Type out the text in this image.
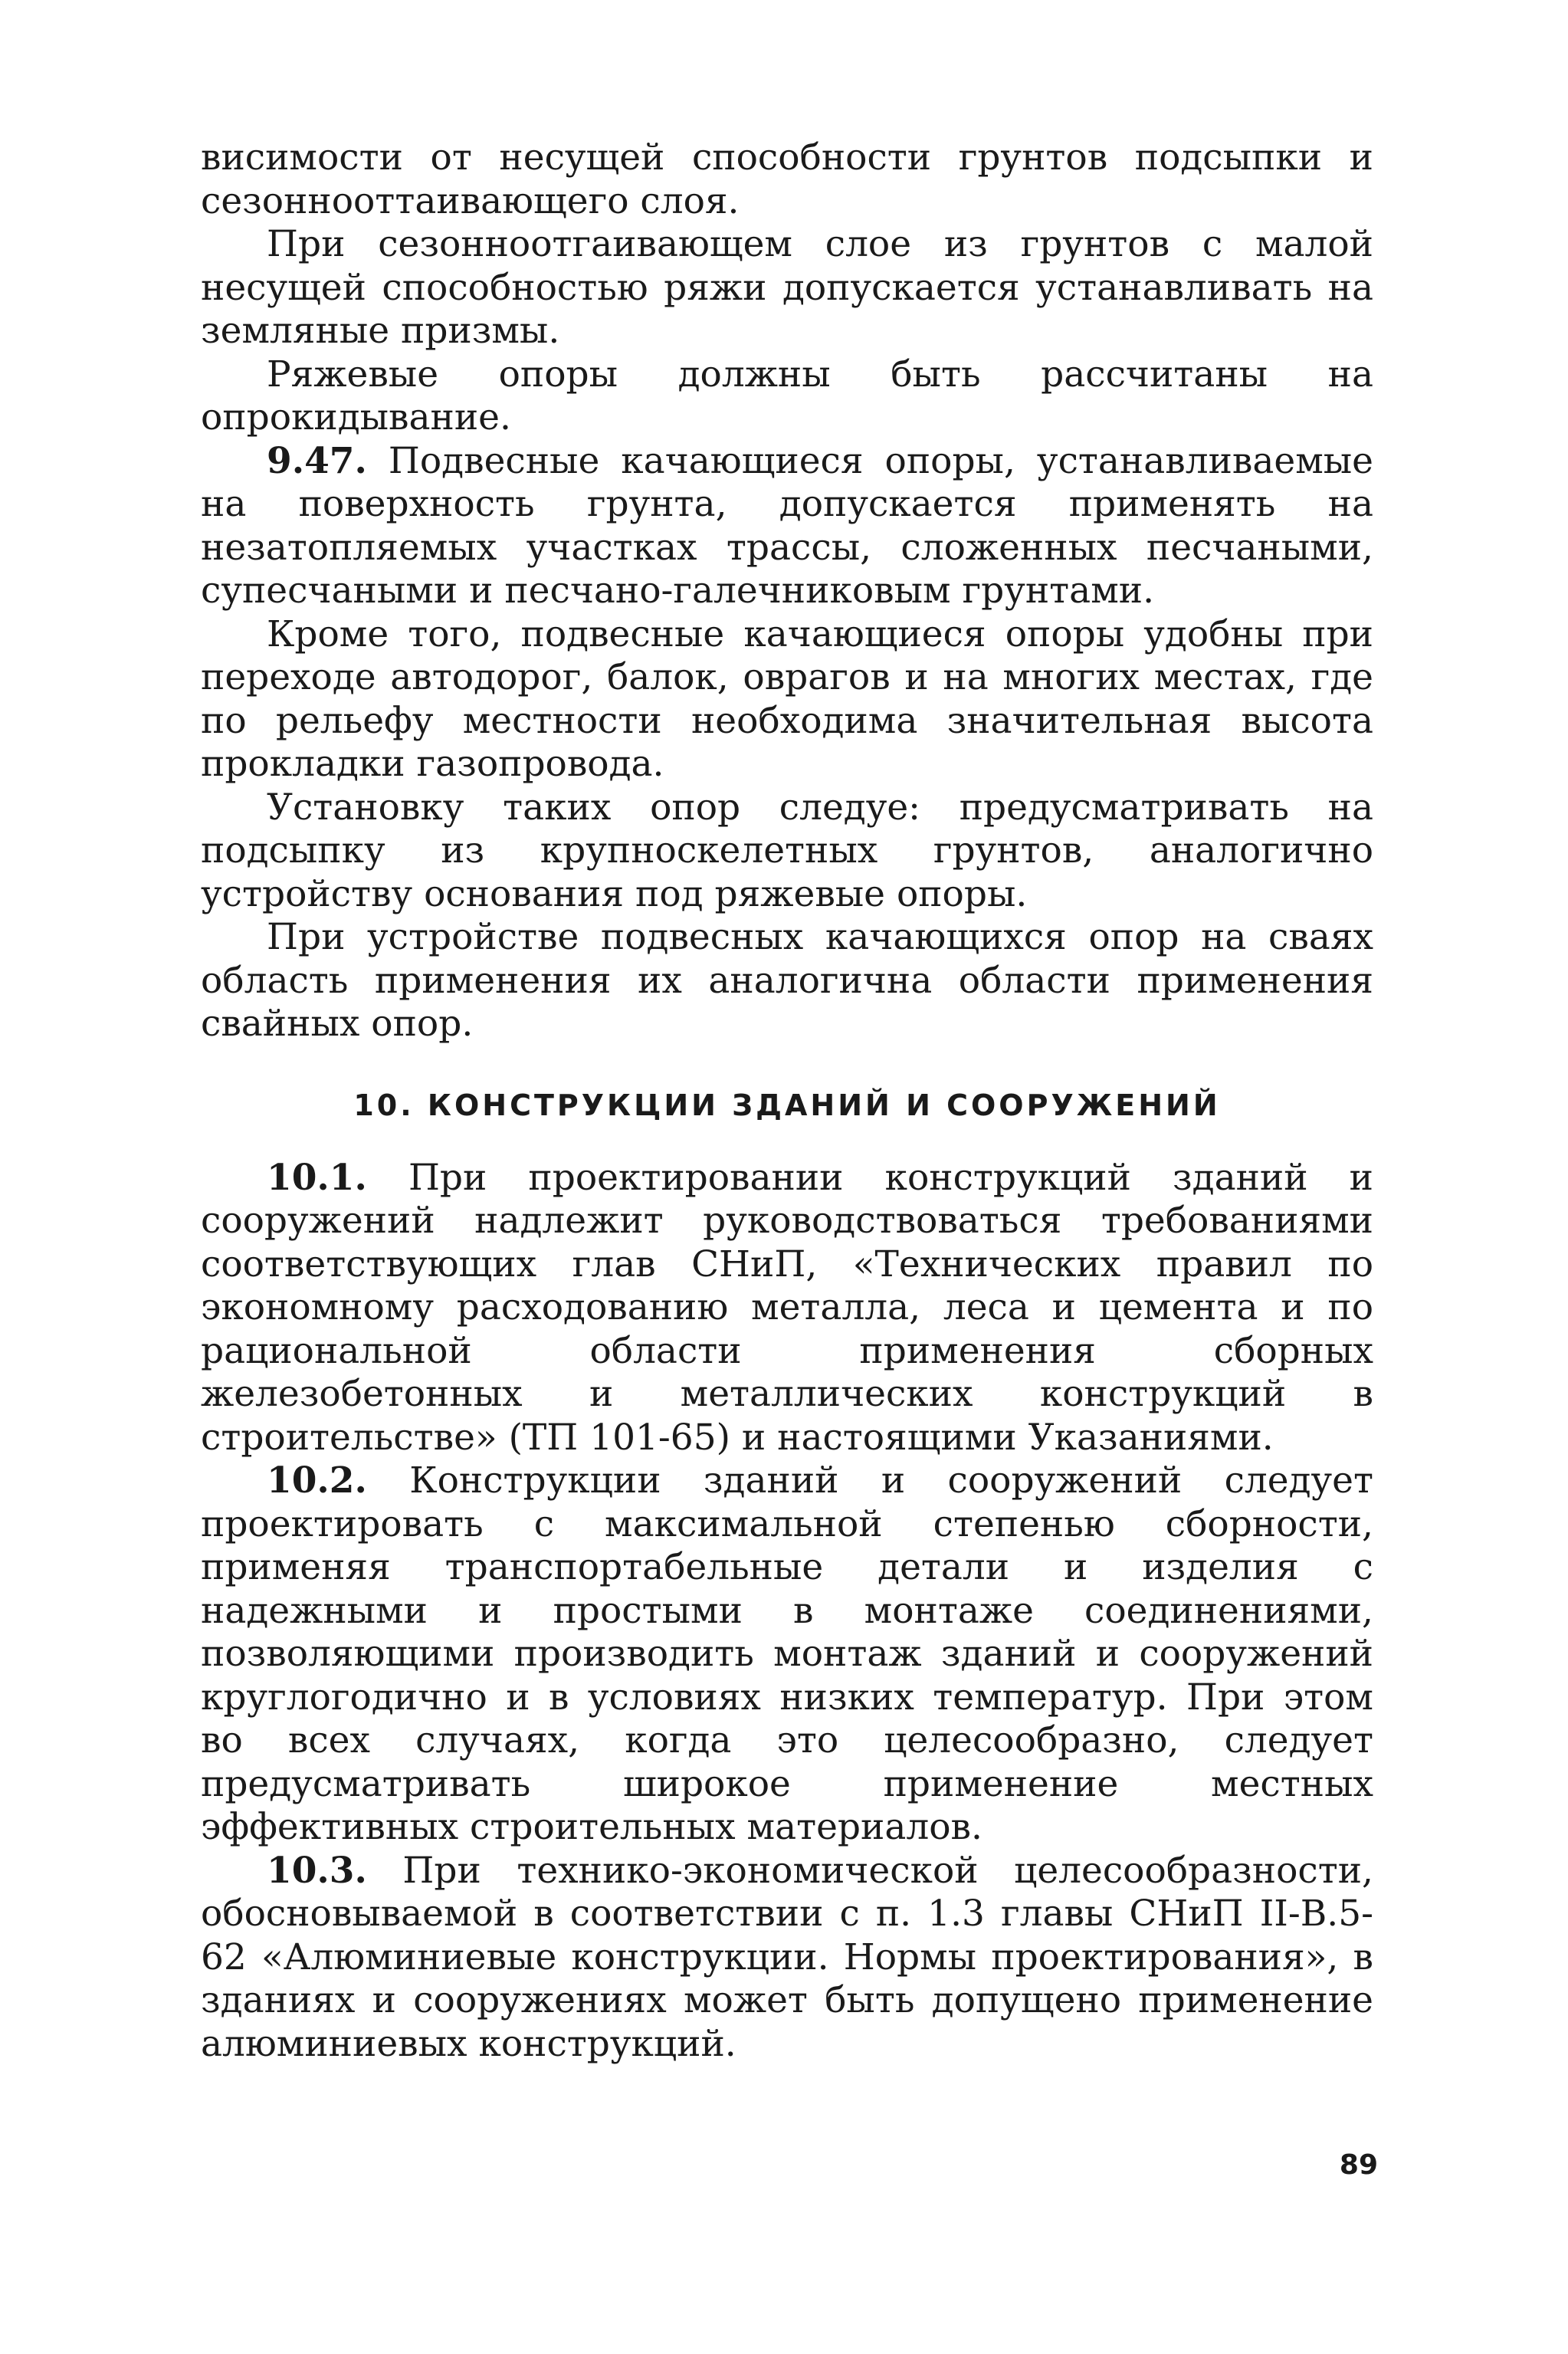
висимости от несущей способности грунтов подсыпки и сезоннооттаивающего слоя.

При сезонноотгаивающем слое из грунтов с малой несущей способностью ряжи допускается устанавливать на земляные призмы.

Ряжевые опоры должны быть рассчитаны на опрокидывание.

9.47. Подвесные качающиеся опоры, устанавливаемые на поверхность грунта, допускается применять на незатопляемых участках трассы, сложенных песчаными, супесчаными и песчано-галечниковым грунтами.

Кроме того, подвесные качающиеся опоры удобны при переходе автодорог, балок, оврагов и на многих местах, где по рельефу местности необходима значительная высота прокладки газопровода.

Установку таких опор следуе: предусматривать на подсыпку из крупноскелетных грунтов, аналогично устройству основания под ряжевые опоры.

При устройстве подвесных качающихся опор на сваях область применения их аналогична области применения свайных опор.

10. КОНСТРУКЦИИ ЗДАНИЙ И СООРУЖЕНИЙ

10.1. При проектировании конструкций зданий и сооружений надлежит руководствоваться требованиями соответствующих глав СНиП, «Технических правил по экономному расходованию металла, леса и цемента и по рациональной области применения сборных железобетонных и металлических конструкций в строительстве» (ТП 101-65) и настоящими Указаниями.

10.2. Конструкции зданий и сооружений следует проектировать с максимальной степенью сборности, применяя транспортабельные детали и изделия с надежными и простыми в монтаже соединениями, позволяющими производить монтаж зданий и сооружений круглогодично и в условиях низких температур. При этом во всех случаях, когда это целесообразно, следует предусматривать широкое применение местных эффективных строительных материалов.

10.3. При технико-экономической целесообразности, обосновываемой в соответствии с п. 1.3 главы СНиП II-В.5-62 «Алюминиевые конструкции. Нормы проектирования», в зданиях и сооружениях может быть допущено применение алюминиевых конструкций.

89
